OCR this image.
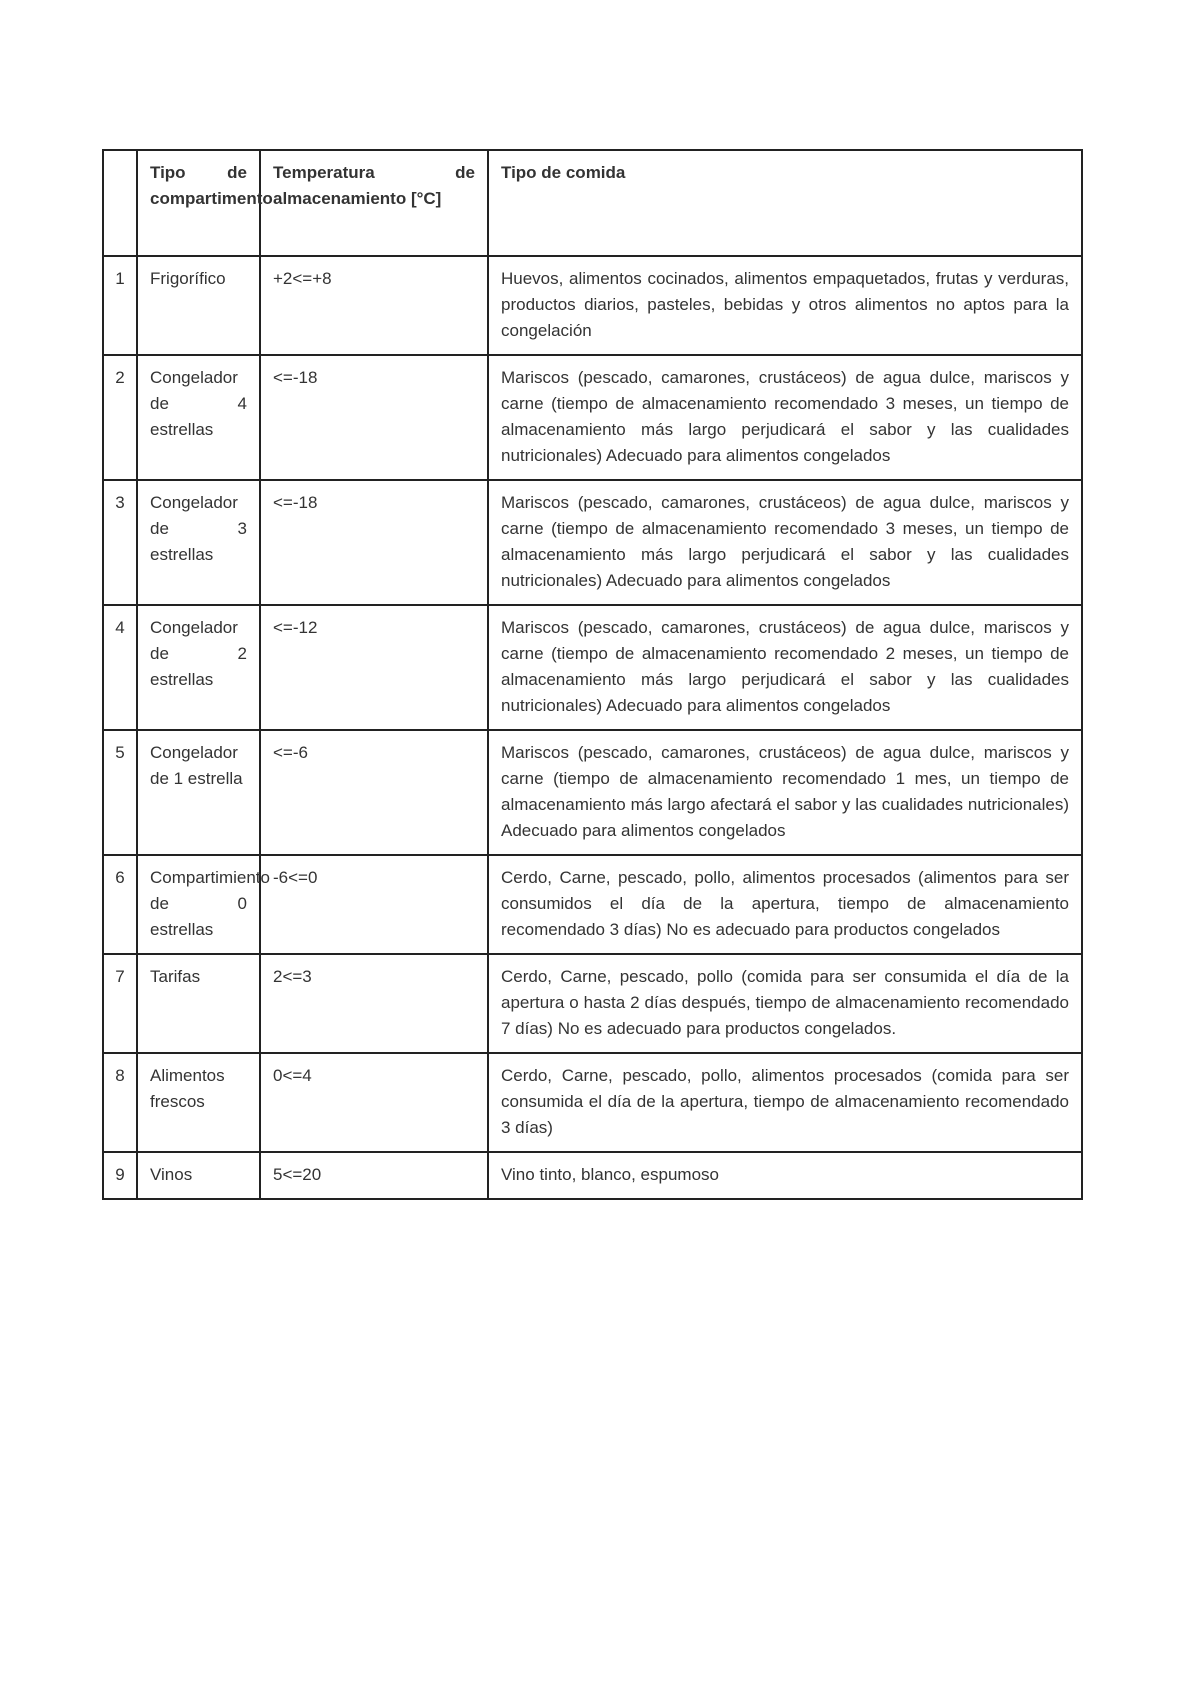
	Tipo de compartimento	Temperatura de almacenamiento [°C]	Tipo de comida
1	Frigorífico	+2<=+8	Huevos, alimentos cocinados, alimentos empaquetados, frutas y verduras, productos diarios, pasteles, bebidas y otros alimentos no aptos para la congelación
2	Congelador de 4 estrellas	<=-18	Mariscos (pescado, camarones, crustáceos) de agua dulce, mariscos y carne (tiempo de almacenamiento recomendado 3 meses, un tiempo de almacenamiento más largo perjudicará el sabor y las cualidades nutricionales) Adecuado para alimentos congelados
3	Congelador de 3 estrellas	<=-18	Mariscos (pescado, camarones, crustáceos) de agua dulce, mariscos y carne (tiempo de almacenamiento recomendado 3 meses, un tiempo de almacenamiento más largo perjudicará el sabor y las cualidades nutricionales) Adecuado para alimentos congelados
4	Congelador de 2 estrellas	<=-12	Mariscos (pescado, camarones, crustáceos) de agua dulce, mariscos y carne (tiempo de almacenamiento recomendado 2 meses, un tiempo de almacenamiento más largo perjudicará el sabor y las cualidades nutricionales) Adecuado para alimentos congelados
5	Congelador de 1 estrella	<=-6	Mariscos (pescado, camarones, crustáceos) de agua dulce, mariscos y carne (tiempo de almacenamiento recomendado 1 mes, un tiempo de almacenamiento más largo afectará el sabor y las cualidades nutricionales) Adecuado para alimentos congelados
6	Compartimiento de 0 estrellas	-6<=0	Cerdo, Carne, pescado, pollo, alimentos procesados (alimentos para ser consumidos el día de la apertura, tiempo de almacenamiento recomendado 3 días) No es adecuado para productos congelados
7	Tarifas	2<=3	Cerdo, Carne, pescado, pollo (comida para ser consumida el día de la apertura o hasta 2 días después, tiempo de almacenamiento recomendado 7 días) No es adecuado para productos congelados.
8	Alimentos frescos	0<=4	Cerdo, Carne, pescado, pollo, alimentos procesados (comida para ser consumida el día de la apertura, tiempo de almacenamiento recomendado 3 días)
9	Vinos	5<=20	Vino tinto, blanco, espumoso
